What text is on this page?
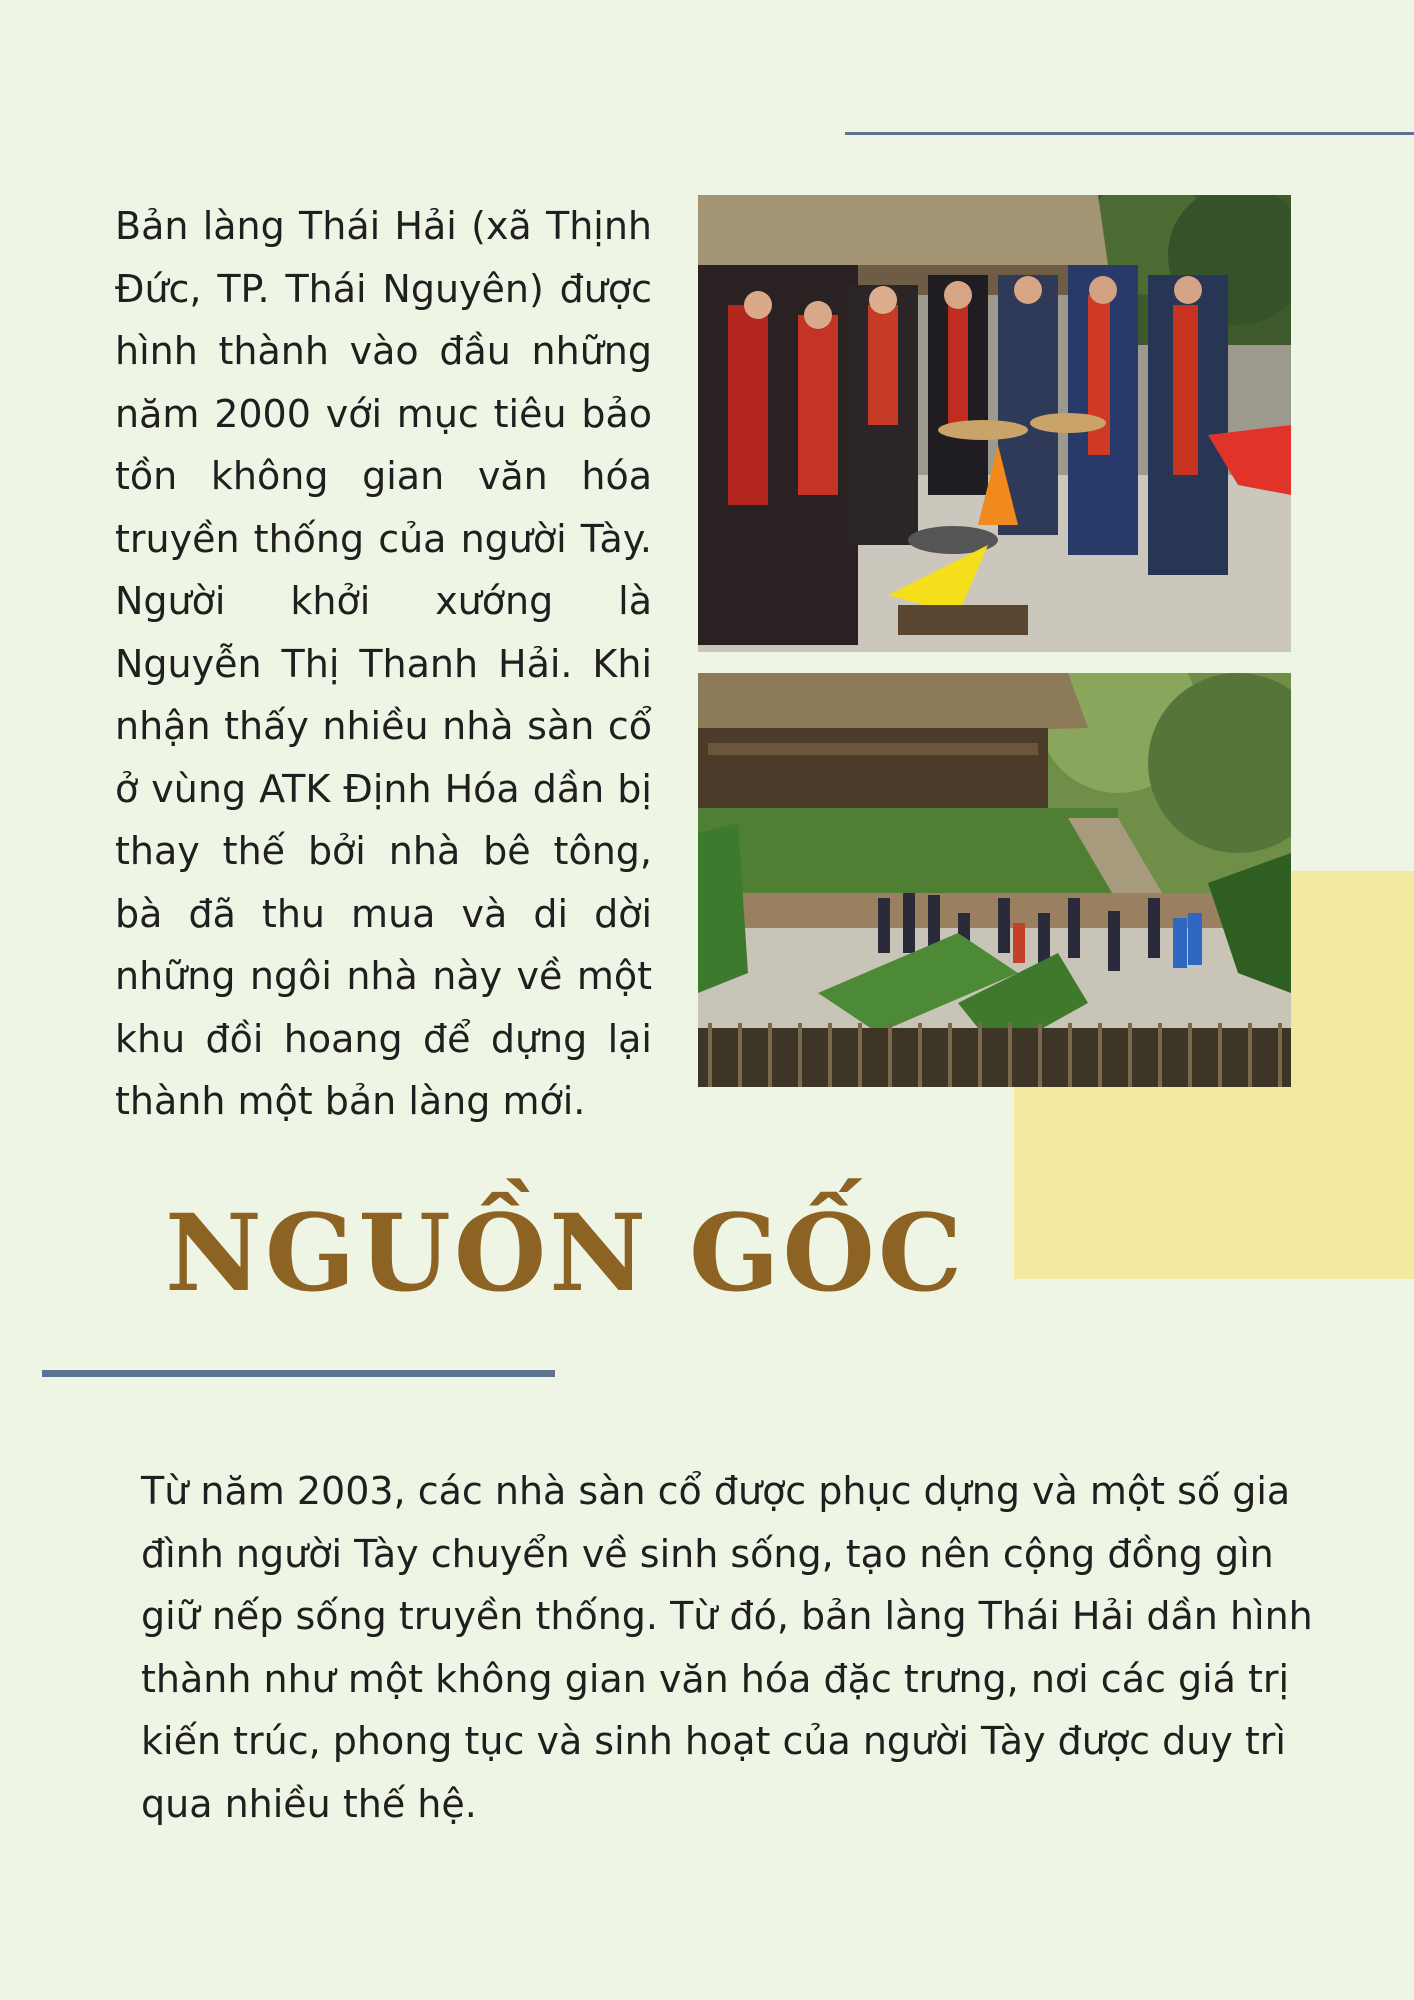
Bản làng Thái Hải (xã Thịnh Đức, TP. Thái Nguyên) được hình thành vào đầu những năm 2000 với mục tiêu bảo tồn không gian văn hóa truyền thống của người Tày. Người khởi xướng là Nguyễn Thị Thanh Hải. Khi nhận thấy nhiều nhà sàn cổ ở vùng ATK Định Hóa dần bị thay thế bởi nhà bê tông, bà đã thu mua và di dời những ngôi nhà này về một khu đồi hoang để dựng lại thành một bản làng mới.

NGUỒN GỐC

Từ năm 2003, các nhà sàn cổ được phục dựng và một số gia đình người Tày chuyển về sinh sống, tạo nên cộng đồng gìn giữ nếp sống truyền thống. Từ đó, bản làng Thái Hải dần hình thành như một không gian văn hóa đặc trưng, nơi các giá trị kiến trúc, phong tục và sinh hoạt của người Tày được duy trì qua nhiều thế hệ.
